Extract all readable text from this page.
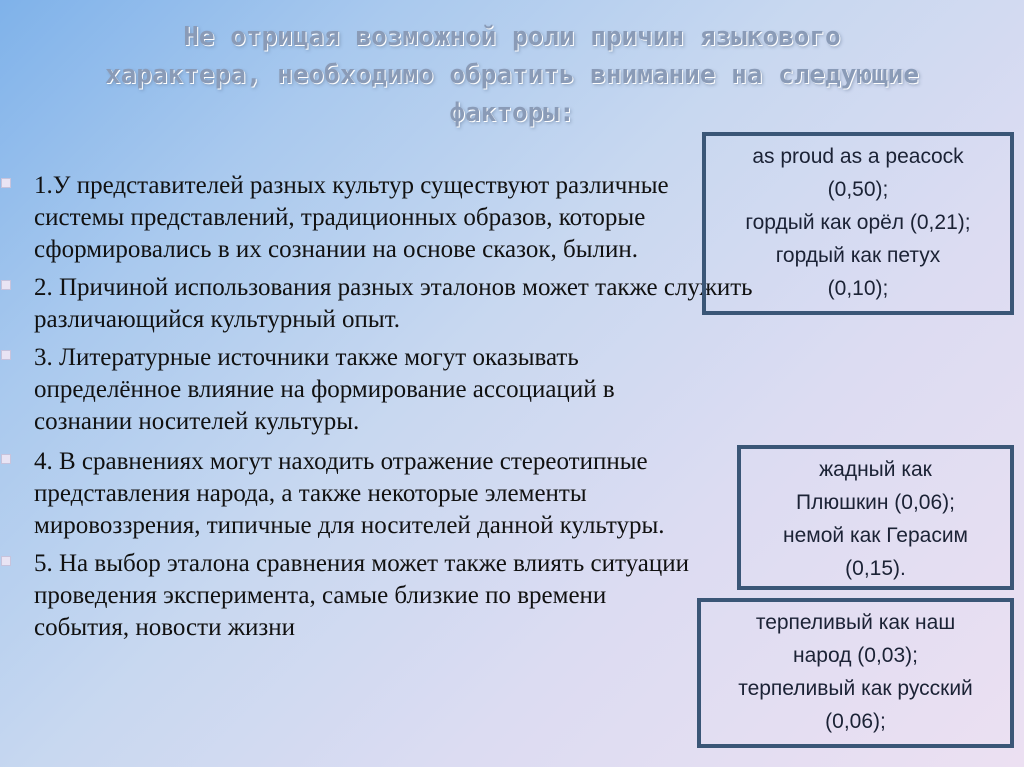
Не отрицая возможной роли причин языкового
характера, необходимо обратить внимание на следующие
факторы:
1.У представителей разных культур существуют различные системы представлений, традиционных образов, которые сформировались в их сознании на основе сказок, былин.
2. Причиной использования разных эталонов может также служить различающийся культурный опыт.
3. Литературные источники также могут оказывать определённое влияние на формирование ассоциаций в сознании носителей культуры.
4. В сравнениях могут находить отражение стереотипные представления народа, а также некоторые элементы мировоззрения, типичные для носителей данной культуры.
5. На выбор эталона сравнения может также влиять ситуации проведения эксперимента, самые близкие по времени события, новости жизни
as proud as a peacock
(0,50);
гордый как орёл (0,21);
гордый как петух
(0,10);
жадный как
Плюшкин (0,06);
немой как Герасим
(0,15).
терпеливый как наш
народ (0,03);
терпеливый как русский
(0,06);
